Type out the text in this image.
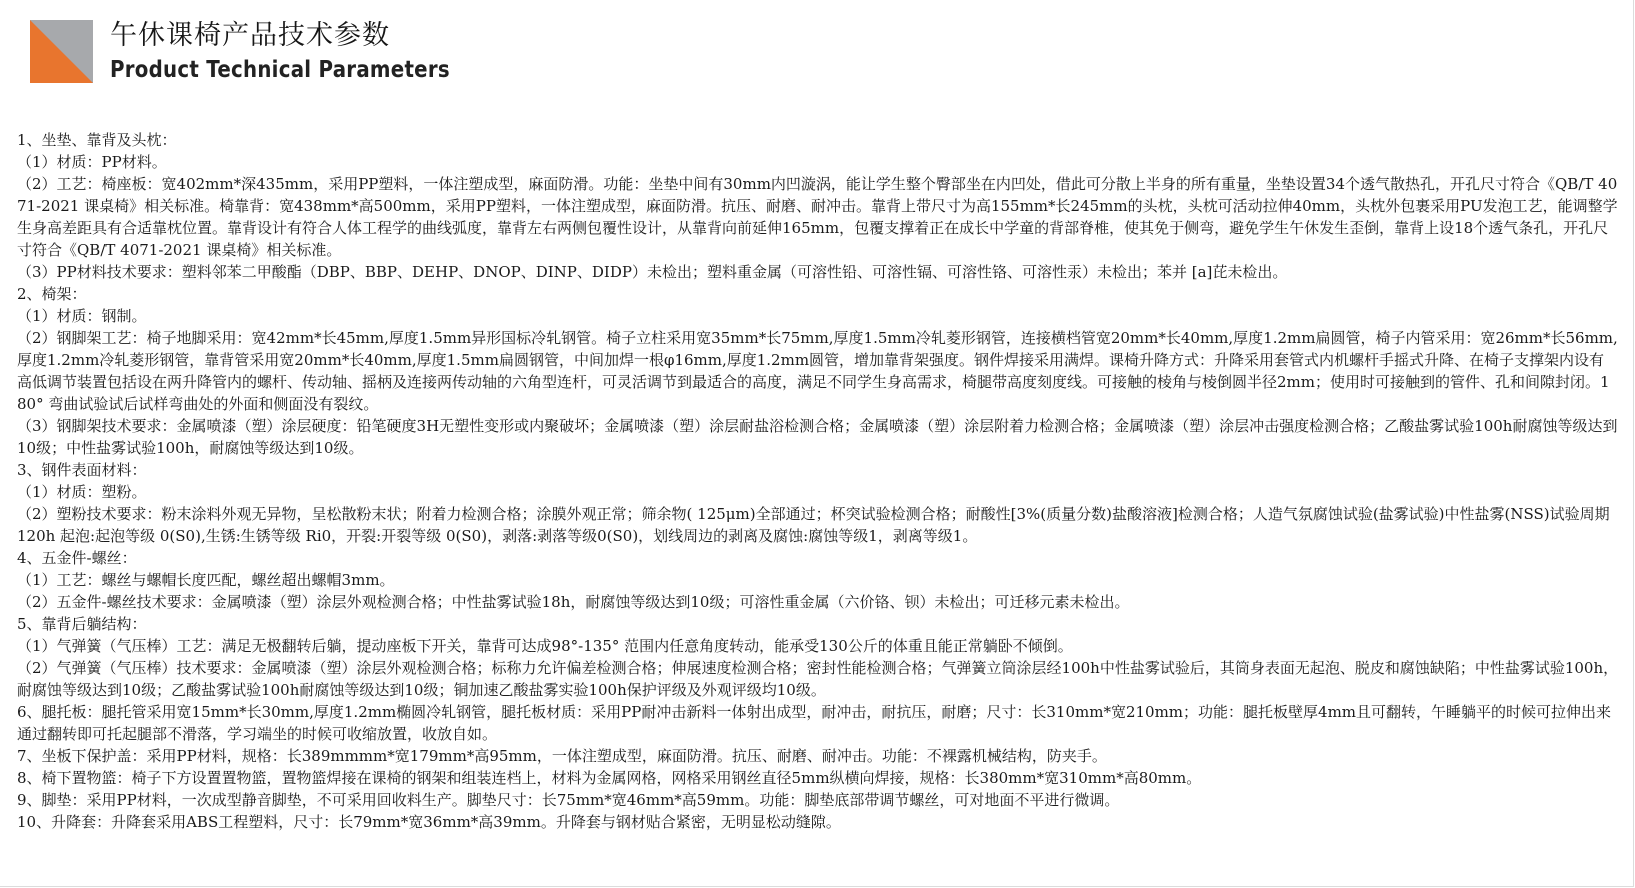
午休课椅产品技术参数
Product Technical Parameters

1、坐垫、靠背及头枕：

（1）材质：PP材料。

（2）工艺：椅座板：宽402mm*深435mm，采用PP塑料，一体注塑成型，麻面防滑。功能：坐垫中间有30mm内凹漩涡，能让学生整个臀部坐在内凹处，借此可分散上半身的所有重量，坐垫设置34个透气散热孔，开孔尺寸符合《QB/T 4071-2021 课桌椅》相关标准。椅靠背：宽438mm*高500mm，采用PP塑料，一体注塑成型，麻面防滑。抗压、耐磨、耐冲击。靠背上带尺寸为高155mm*长245mm的头枕，头枕可活动拉伸40mm，头枕外包裹采用PU发泡工艺，能调整学生身高差距具有合适靠枕位置。靠背设计有符合人体工程学的曲线弧度，靠背左右两侧包覆性设计，从靠背向前延伸165mm，包覆支撑着正在成长中学童的背部脊椎，使其免于侧弯，避免学生午休发生歪倒，靠背上设18个透气条孔，开孔尺寸符合《QB/T 4071-2021 课桌椅》相关标准。

（3）PP材料技术要求：塑料邻苯二甲酸酯（DBP、BBP、DEHP、DNOP、DINP、DIDP）未检出；塑料重金属（可溶性铅、可溶性镉、可溶性铬、可溶性汞）未检出；苯并 [a]芘未检出。

2、椅架：

（1）材质：钢制。

（2）钢脚架工艺：椅子地脚采用：宽42mm*长45mm,厚度1.5mm异形国标冷轧钢管。椅子立柱采用宽35mm*长75mm,厚度1.5mm冷轧菱形钢管，连接横档管宽20mm*长40mm,厚度1.2mm扁圆管，椅子内管采用：宽26mm*长56mm,厚度1.2mm冷轧菱形钢管，靠背管采用宽20mm*长40mm,厚度1.5mm扁圆钢管，中间加焊一根φ16mm,厚度1.2mm圆管，增加靠背架强度。钢件焊接采用满焊。课椅升降方式：升降采用套管式内机螺杆手摇式升降、在椅子支撑架内设有高低调节装置包括设在两升降管内的螺杆、传动轴、摇柄及连接两传动轴的六角型连杆，可灵活调节到最适合的高度，满足不同学生身高需求，椅腿带高度刻度线。可接触的棱角与棱倒圆半径2mm；使用时可接触到的管件、孔和间隙封闭。180° 弯曲试验试后试样弯曲处的外面和侧面没有裂纹。

（3）钢脚架技术要求：金属喷漆（塑）涂层硬度：铅笔硬度3H无塑性变形或内聚破坏；金属喷漆（塑）涂层耐盐浴检测合格；金属喷漆（塑）涂层附着力检测合格；金属喷漆（塑）涂层冲击强度检测合格；乙酸盐雾试验100h耐腐蚀等级达到10级；中性盐雾试验100h，耐腐蚀等级达到10级。

3、钢件表面材料：

（1）材质：塑粉。

（2）塑粉技术要求：粉末涂料外观无异物，呈松散粉末状；附着力检测合格；涂膜外观正常；筛余物( 125μm)全部通过；杯突试验检测合格；耐酸性[3%(质量分数)盐酸溶液]检测合格；人造气氛腐蚀试验(盐雾试验)中性盐雾(NSS)试验周期120h 起泡:起泡等级 0(S0),生锈:生锈等级 Ri0，开裂:开裂等级 0(S0)，剥落:剥落等级0(S0)，划线周边的剥离及腐蚀:腐蚀等级1，剥离等级1。

4、五金件-螺丝：

（1）工艺：螺丝与螺帽长度匹配，螺丝超出螺帽3mm。

（2）五金件-螺丝技术要求：金属喷漆（塑）涂层外观检测合格；中性盐雾试验18h，耐腐蚀等级达到10级；可溶性重金属（六价铬、钡）未检出；可迁移元素未检出。

5、靠背后躺结构：

（1）气弹簧（气压棒）工艺：满足无极翻转后躺，提动座板下开关，靠背可达成98°-135° 范围内任意角度转动，能承受130公斤的体重且能正常躺卧不倾倒。

（2）气弹簧（气压棒）技术要求：金属喷漆（塑）涂层外观检测合格；标称力允许偏差检测合格；伸展速度检测合格；密封性能检测合格；气弹簧立筒涂层经100h中性盐雾试验后，其筒身表面无起泡、脱皮和腐蚀缺陷；中性盐雾试验100h，耐腐蚀等级达到10级；乙酸盐雾试验100h耐腐蚀等级达到10级；铜加速乙酸盐雾实验100h保护评级及外观评级均10级。

6、腿托板：腿托管采用宽15mm*长30mm,厚度1.2mm椭圆冷轧钢管，腿托板材质：采用PP耐冲击新料一体射出成型，耐冲击，耐抗压，耐磨；尺寸：长310mm*宽210mm；功能：腿托板壁厚4mm且可翻转，午睡躺平的时候可拉伸出来通过翻转即可托起腿部不滑落，学习端坐的时候可收缩放置，收放自如。

7、坐板下保护盖：采用PP材料，规格：长389mmmm*宽179mm*高95mm，一体注塑成型，麻面防滑。抗压、耐磨、耐冲击。功能：不裸露机械结构，防夹手。

8、椅下置物篮：椅子下方设置置物篮，置物篮焊接在课椅的钢架和组装连档上，材料为金属网格，网格采用钢丝直径5mm纵横向焊接，规格：长380mm*宽310mm*高80mm。

9、脚垫：采用PP材料，一次成型静音脚垫，不可采用回收料生产。脚垫尺寸：长75mm*宽46mm*高59mm。功能：脚垫底部带调节螺丝，可对地面不平进行微调。

10、升降套：升降套采用ABS工程塑料，尺寸：长79mm*宽36mm*高39mm。升降套与钢材贴合紧密，无明显松动缝隙。
